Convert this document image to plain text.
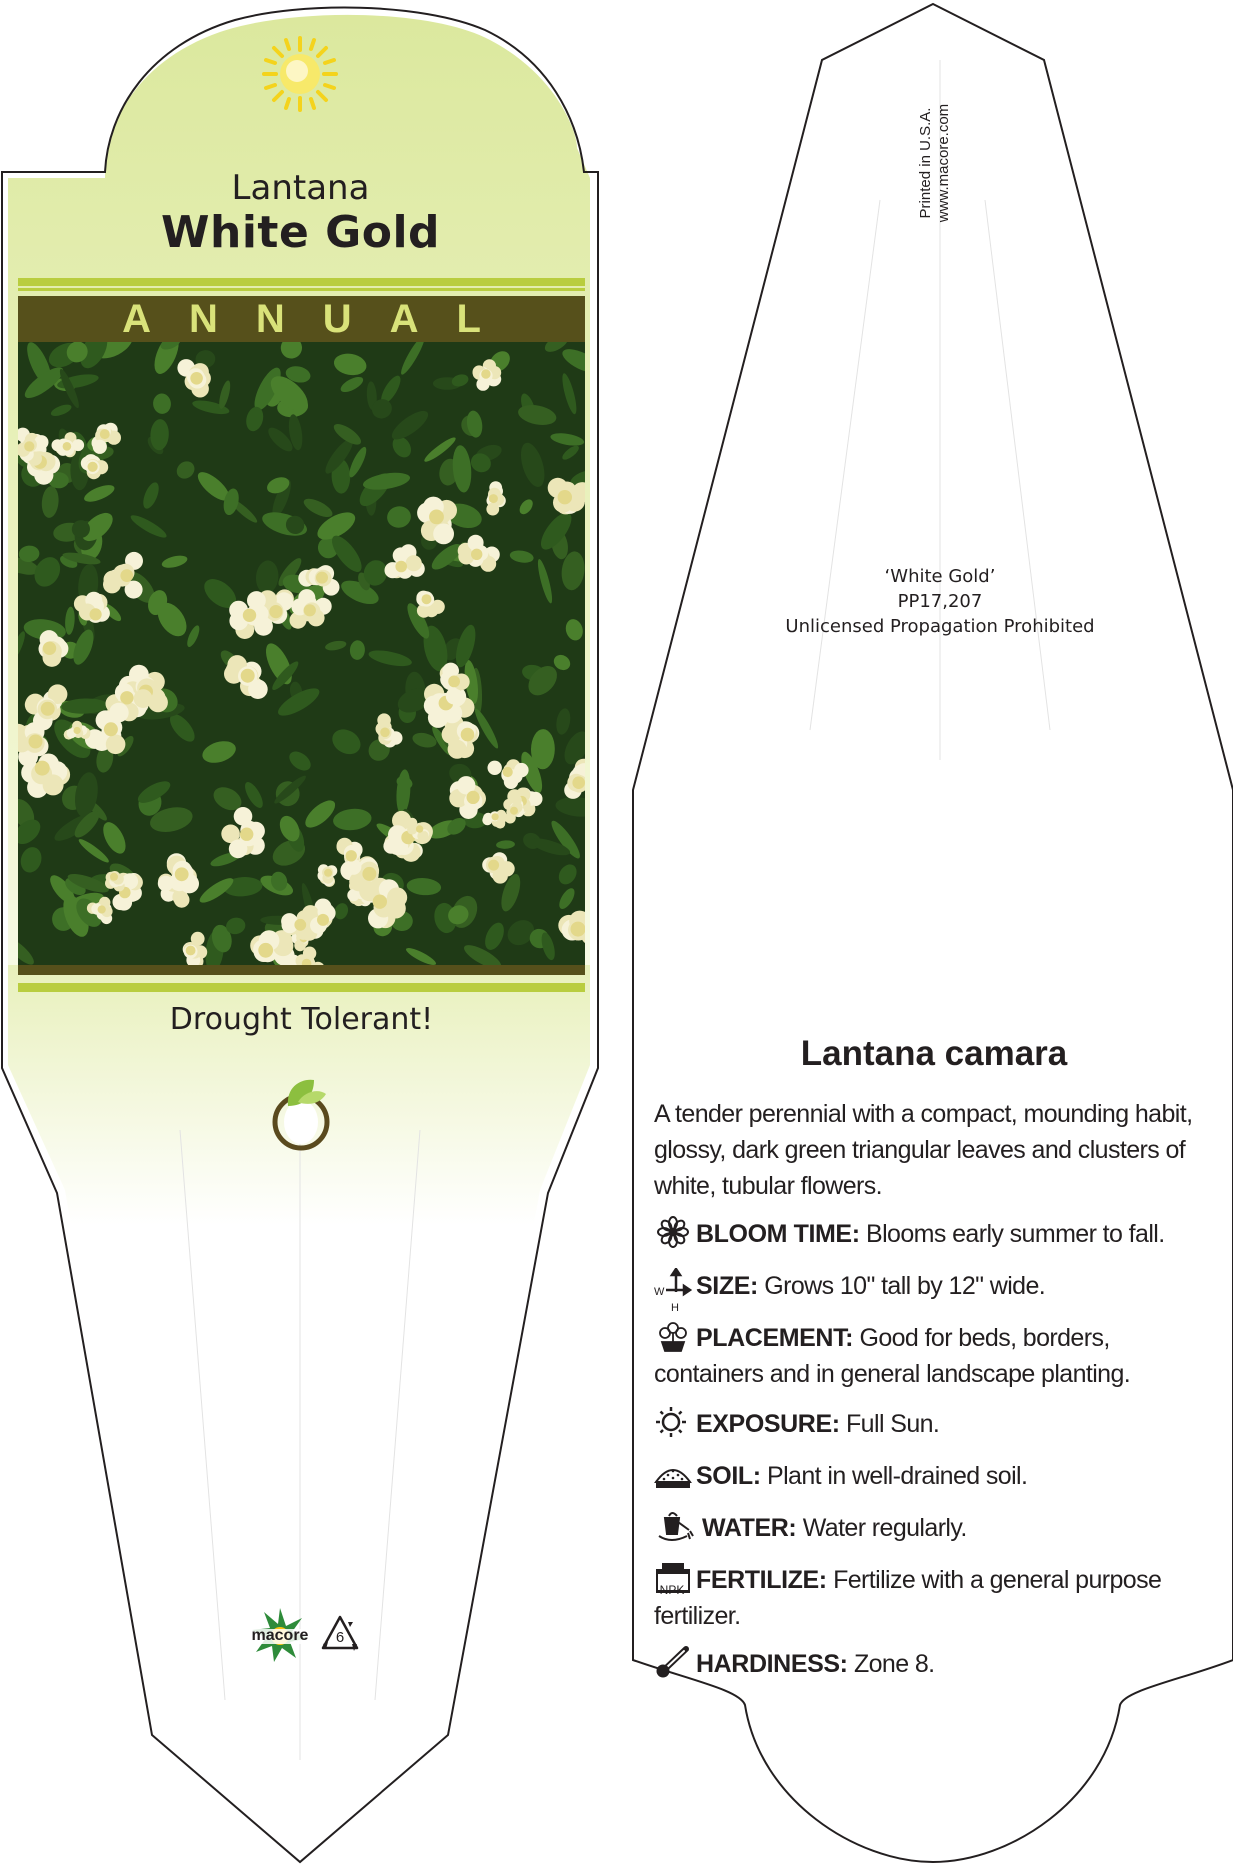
Lantana
White Gold
ANNUAL
Drought Tolerant!
macore	6
Printed in U.S.A. www.macore.com
‘White Gold’
PP17,207
Unlicensed Propagation Prohibited
Lantana camara
A tender perennial with a compact, mounding habit, glossy, dark green triangular leaves and clusters of white, tubular flowers.
BLOOM TIME: Blooms early summer to fall.
W
H
SIZE: Grows 10" tall by 12" wide.
PLACEMENT: Good for beds, borders, containers and in general landscape planting.
EXPOSURE: Full Sun.
SOIL: Plant in well-drained soil.
WATER: Water regularly.
NPK FERTILIZE: Fertilize with a general purpose fertilizer.
HARDINESS: Zone 8.
